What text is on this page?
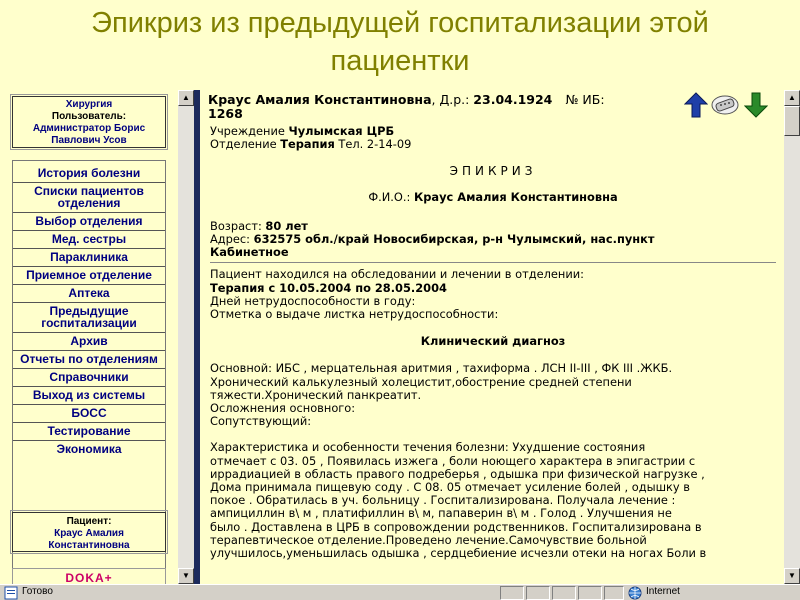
Эпикриз из предыдущей госпитализации этой
пациентки
Хирургия
Пользователь:
Администратор Борис
Павлович Усов
История болезни
Списки пациентов отделения
Выбор отделения
Мед. сестры
Параклиника
Приемное отделение
Аптека
Предыдущие госпитализации
Архив
Отчеты по отделениям
Справочники
Выход из системы
БОСС
Тестирование
Экономика
Пациент:
Краус Амалия
Константиновна
DOKA+
▲
▼
Краус Амалия Константиновна, Д.р.: 23.04.1924 № ИБ:
1268
▲
▼
Учреждение Чулымская ЦРБ
Отделение Терапия Тел. 2-14-09
ЭПИКРИЗ
Ф.И.О.: Краус Амалия Константиновна
Возраст: 80 лет
Адрес: 632575 обл./край Новосибирская, р-н Чулымский, нас.пункт
Кабинетное
Пациент находился на обследовании и лечении в отделении:
Терапия с 10.05.2004 по 28.05.2004
Дней нетрудоспособности в году:
Отметка о выдаче листка нетрудоспособности:
Клинический диагноз
Основной: ИБС , мерцательная аритмия , тахиформа . ЛСН II-III , ФК III .ЖКБ.
Хронический калькулезный холецистит,обострение средней степени
тяжести.Хронический панкреатит.
Осложнения основного:
Сопутствующий:
Характеристика и особенности течения болезни: Ухудшение состояния
отмечает с 03. 05 , Появилась изжега , боли ноющего характера в эпигастрии с
иррадиацией в область правого подреберья , одышка при физической нагрузке ,
Дома принимала пищевую соду . С 08. 05 отмечает усиление болей , одышку в
покое . Обратилась в уч. больницу . Госпитализирована. Получала лечение :
ампициллин в\ м , платифиллин в\ м, папаверин в\ м . Голод . Улучшения не
было . Доставлена в ЦРБ в сопровождении родственников. Госпитализирована в
терапевтическое отделение.Проведено лечение.Самочувствие больной
улучшилось,уменьшилась одышка , сердцебиение исчезли отеки на ногах Боли в
Готово	Internet
